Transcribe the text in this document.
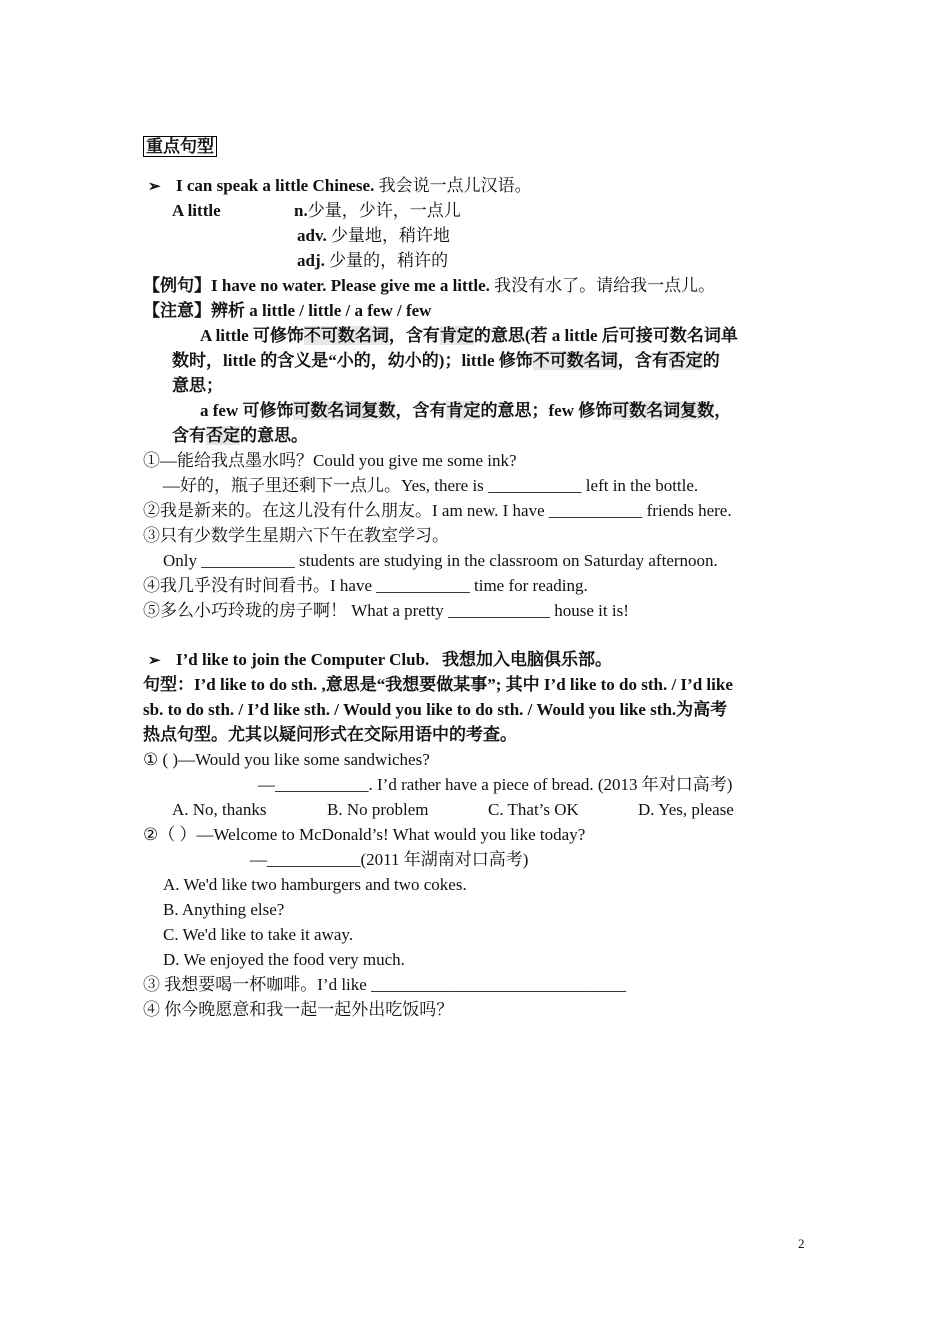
重点句型
➢ I can speak a little Chinese. 我会说一点儿汉语。
A little	n.少量，少许，一点儿
adv. 少量地，稍许地
adj. 少量的，稍许的
【例句】I have no water. Please give me a little. 我没有水了。请给我一点儿。
【注意】辨析 a little / little / a few / few
A little 可修饰不可数名词，含有肯定的意思(若 a little 后可接可数名词单
数时，little 的含义是“小的，幼小的)；little 修饰不可数名词，含有否定的
意思；
a few 可修饰可数名词复数，含有肯定的意思；few 修饰可数名词复数，
含有否定的意思。
①—能给我点墨水吗？Could you give me some ink?
—好的，瓶子里还剩下一点儿。Yes, there is ___________ left in the bottle.
②我是新来的。在这儿没有什么朋友。I am new. I have ___________ friends here.
③只有少数学生星期六下午在教室学习。
Only ___________ students are studying in the classroom on Saturday afternoon.
④我几乎没有时间看书。I have ___________ time for reading.
⑤多么小巧玲珑的房子啊！ What a pretty ____________ house it is!
➢ I’d like to join the Computer Club. 我想加入电脑俱乐部。
句型：I’d like to do sth. ,意思是“我想要做某事”; 其中 I’d like to do sth. / I’d like
sb. to do sth. / I’d like sth. / Would you like to do sth. / Would you like sth.为高考
热点句型。尤其以疑问形式在交际用语中的考查。
① ( )—Would you like some sandwiches?
—___________. I’d rather have a piece of bread. (2013 年对口高考)
A. No, thanks	B. No problem	C. That’s OK	D. Yes, please
②（ ）—Welcome to McDonald’s! What would you like today?
—___________(2011 年湖南对口高考)
A. We'd like two hamburgers and two cokes.
B. Anything else?
C. We'd like to take it away.
D. We enjoyed the food very much.
③ 我想要喝一杯咖啡。I’d like ______________________________
④ 你今晚愿意和我一起一起外出吃饭吗？
2
